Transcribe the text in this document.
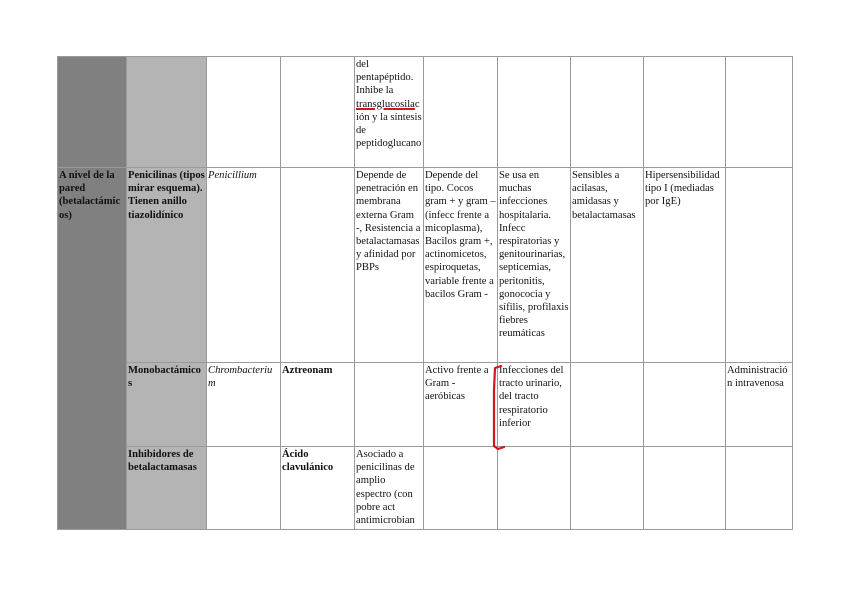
				del pentapéptido. Inhibe la transglucosilación y la síntesis de peptidoglucano					
A nivel de la pared (betalactámicos)	Penicilinas (tipos mirar esquema). Tienen anillo tiazolidínico	Penicillium		Depende de penetración en membrana externa Gram -, Resistencia a betalactamasas y afinidad por PBPs	Depende del tipo. Cocos gram + y gram – (infecc frente a micoplasma), Bacilos gram +, actinomicetos, espiroquetas, variable frente a bacilos Gram -	Se usa en muchas infecciones hospitalaria. Infecc respiratorias y genitourinarias, septicemias, peritonitis, gonococia y sífilis, profilaxis fiebres reumáticas	Sensibles a acilasas, amidasas y betalactamasas	Hipersensibilidad tipo I (mediadas por IgE)	
	Monobactámicos	Chrombacterium	Aztreonam		Activo frente a Gram - aeróbicas	Infecciones del tracto urinario, del tracto respiratorio inferior			Administración intravenosa
	Inhibidores de betalactamasas		Ácido clavulánico	Asociado a penicilinas de amplio espectro (con pobre act antimicrobian					
